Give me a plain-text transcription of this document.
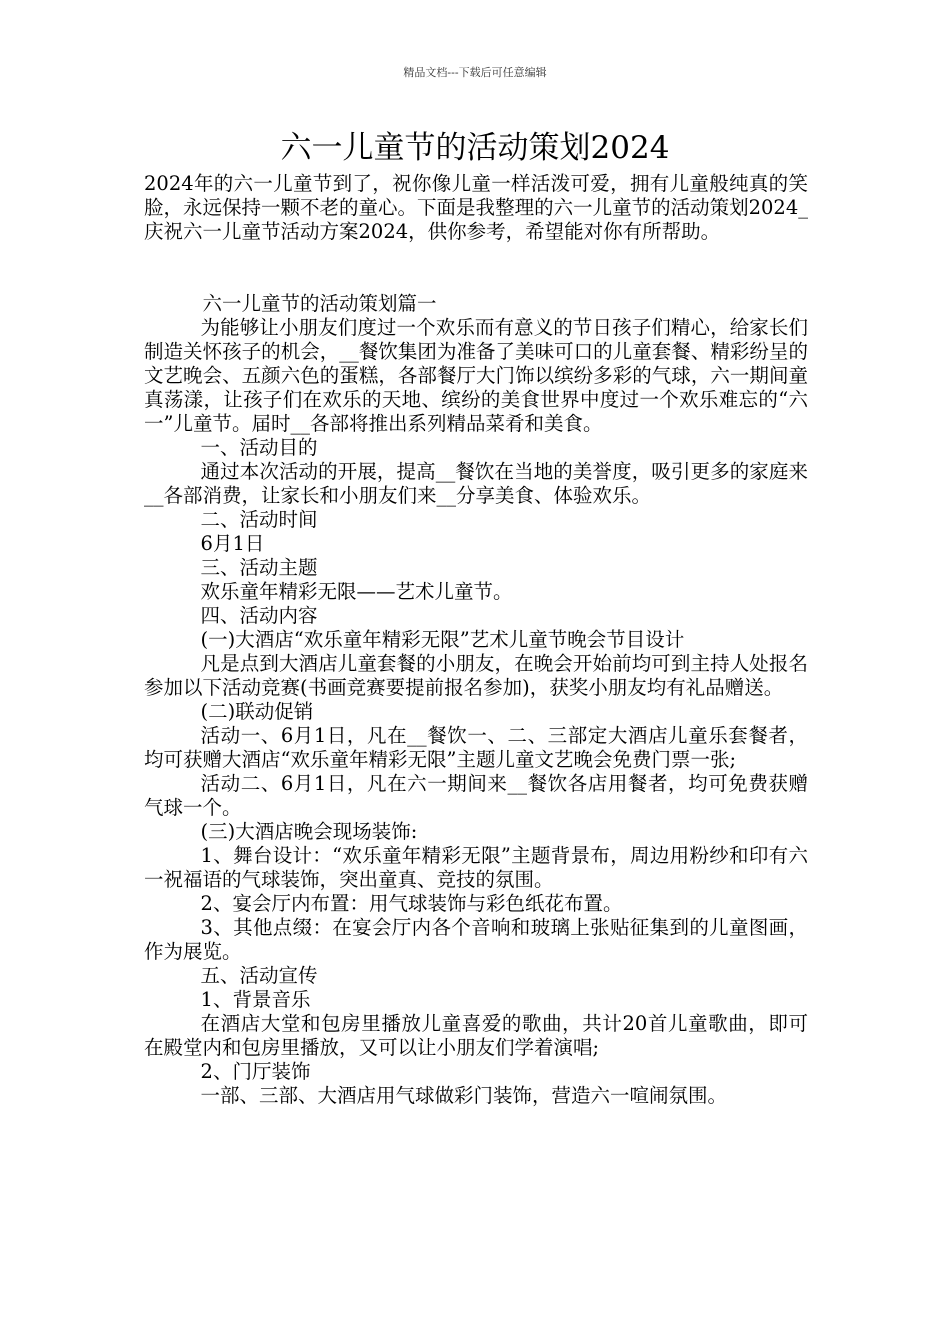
精品文档---下载后可任意编辑
六一儿童节的活动策划2024

2024年的六一儿童节到了，祝你像儿童一样活泼可爱，拥有儿童般纯真的笑脸，永远保持一颗不老的童心。下面是我整理的六一儿童节的活动策划2024_庆祝六一儿童节活动方案2024，供你参考，希望能对你有所帮助。

六一儿童节的活动策划篇一

为能够让小朋友们度过一个欢乐而有意义的节日孩子们精心，给家长们制造关怀孩子的机会，__餐饮集团为准备了美味可口的儿童套餐、精彩纷呈的文艺晚会、五颜六色的蛋糕，各部餐厅大门饰以缤纷多彩的气球，六一期间童真荡漾，让孩子们在欢乐的天地、缤纷的美食世界中度过一个欢乐难忘的“六一”儿童节。届时__各部将推出系列精品菜肴和美食。

一、活动目的

通过本次活动的开展，提高__餐饮在当地的美誉度，吸引更多的家庭来__各部消费，让家长和小朋友们来__分享美食、体验欢乐。

二、活动时间

6月1日

三、活动主题

欢乐童年精彩无限——艺术儿童节。

四、活动内容

(一)大酒店“欢乐童年精彩无限”艺术儿童节晚会节目设计

凡是点到大酒店儿童套餐的小朋友，在晚会开始前均可到主持人处报名参加以下活动竞赛(书画竞赛要提前报名参加)，获奖小朋友均有礼品赠送。

(二)联动促销

活动一、6月1日，凡在__餐饮一、二、三部定大酒店儿童乐套餐者，均可获赠大酒店“欢乐童年精彩无限”主题儿童文艺晚会免费门票一张;

活动二、6月1日，凡在六一期间来__餐饮各店用餐者，均可免费获赠气球一个。

(三)大酒店晚会现场装饰:

1、舞台设计：“欢乐童年精彩无限”主题背景布，周边用粉纱和印有六一祝福语的气球装饰，突出童真、竞技的氛围。

2、宴会厅内布置：用气球装饰与彩色纸花布置。

3、其他点缀：在宴会厅内各个音响和玻璃上张贴征集到的儿童图画，作为展览。

五、活动宣传

1、背景音乐

在酒店大堂和包房里播放儿童喜爱的歌曲，共计20首儿童歌曲，即可在殿堂内和包房里播放，又可以让小朋友们学着演唱;

2、门厅装饰

一部、三部、大酒店用气球做彩门装饰，营造六一喧闹氛围。
